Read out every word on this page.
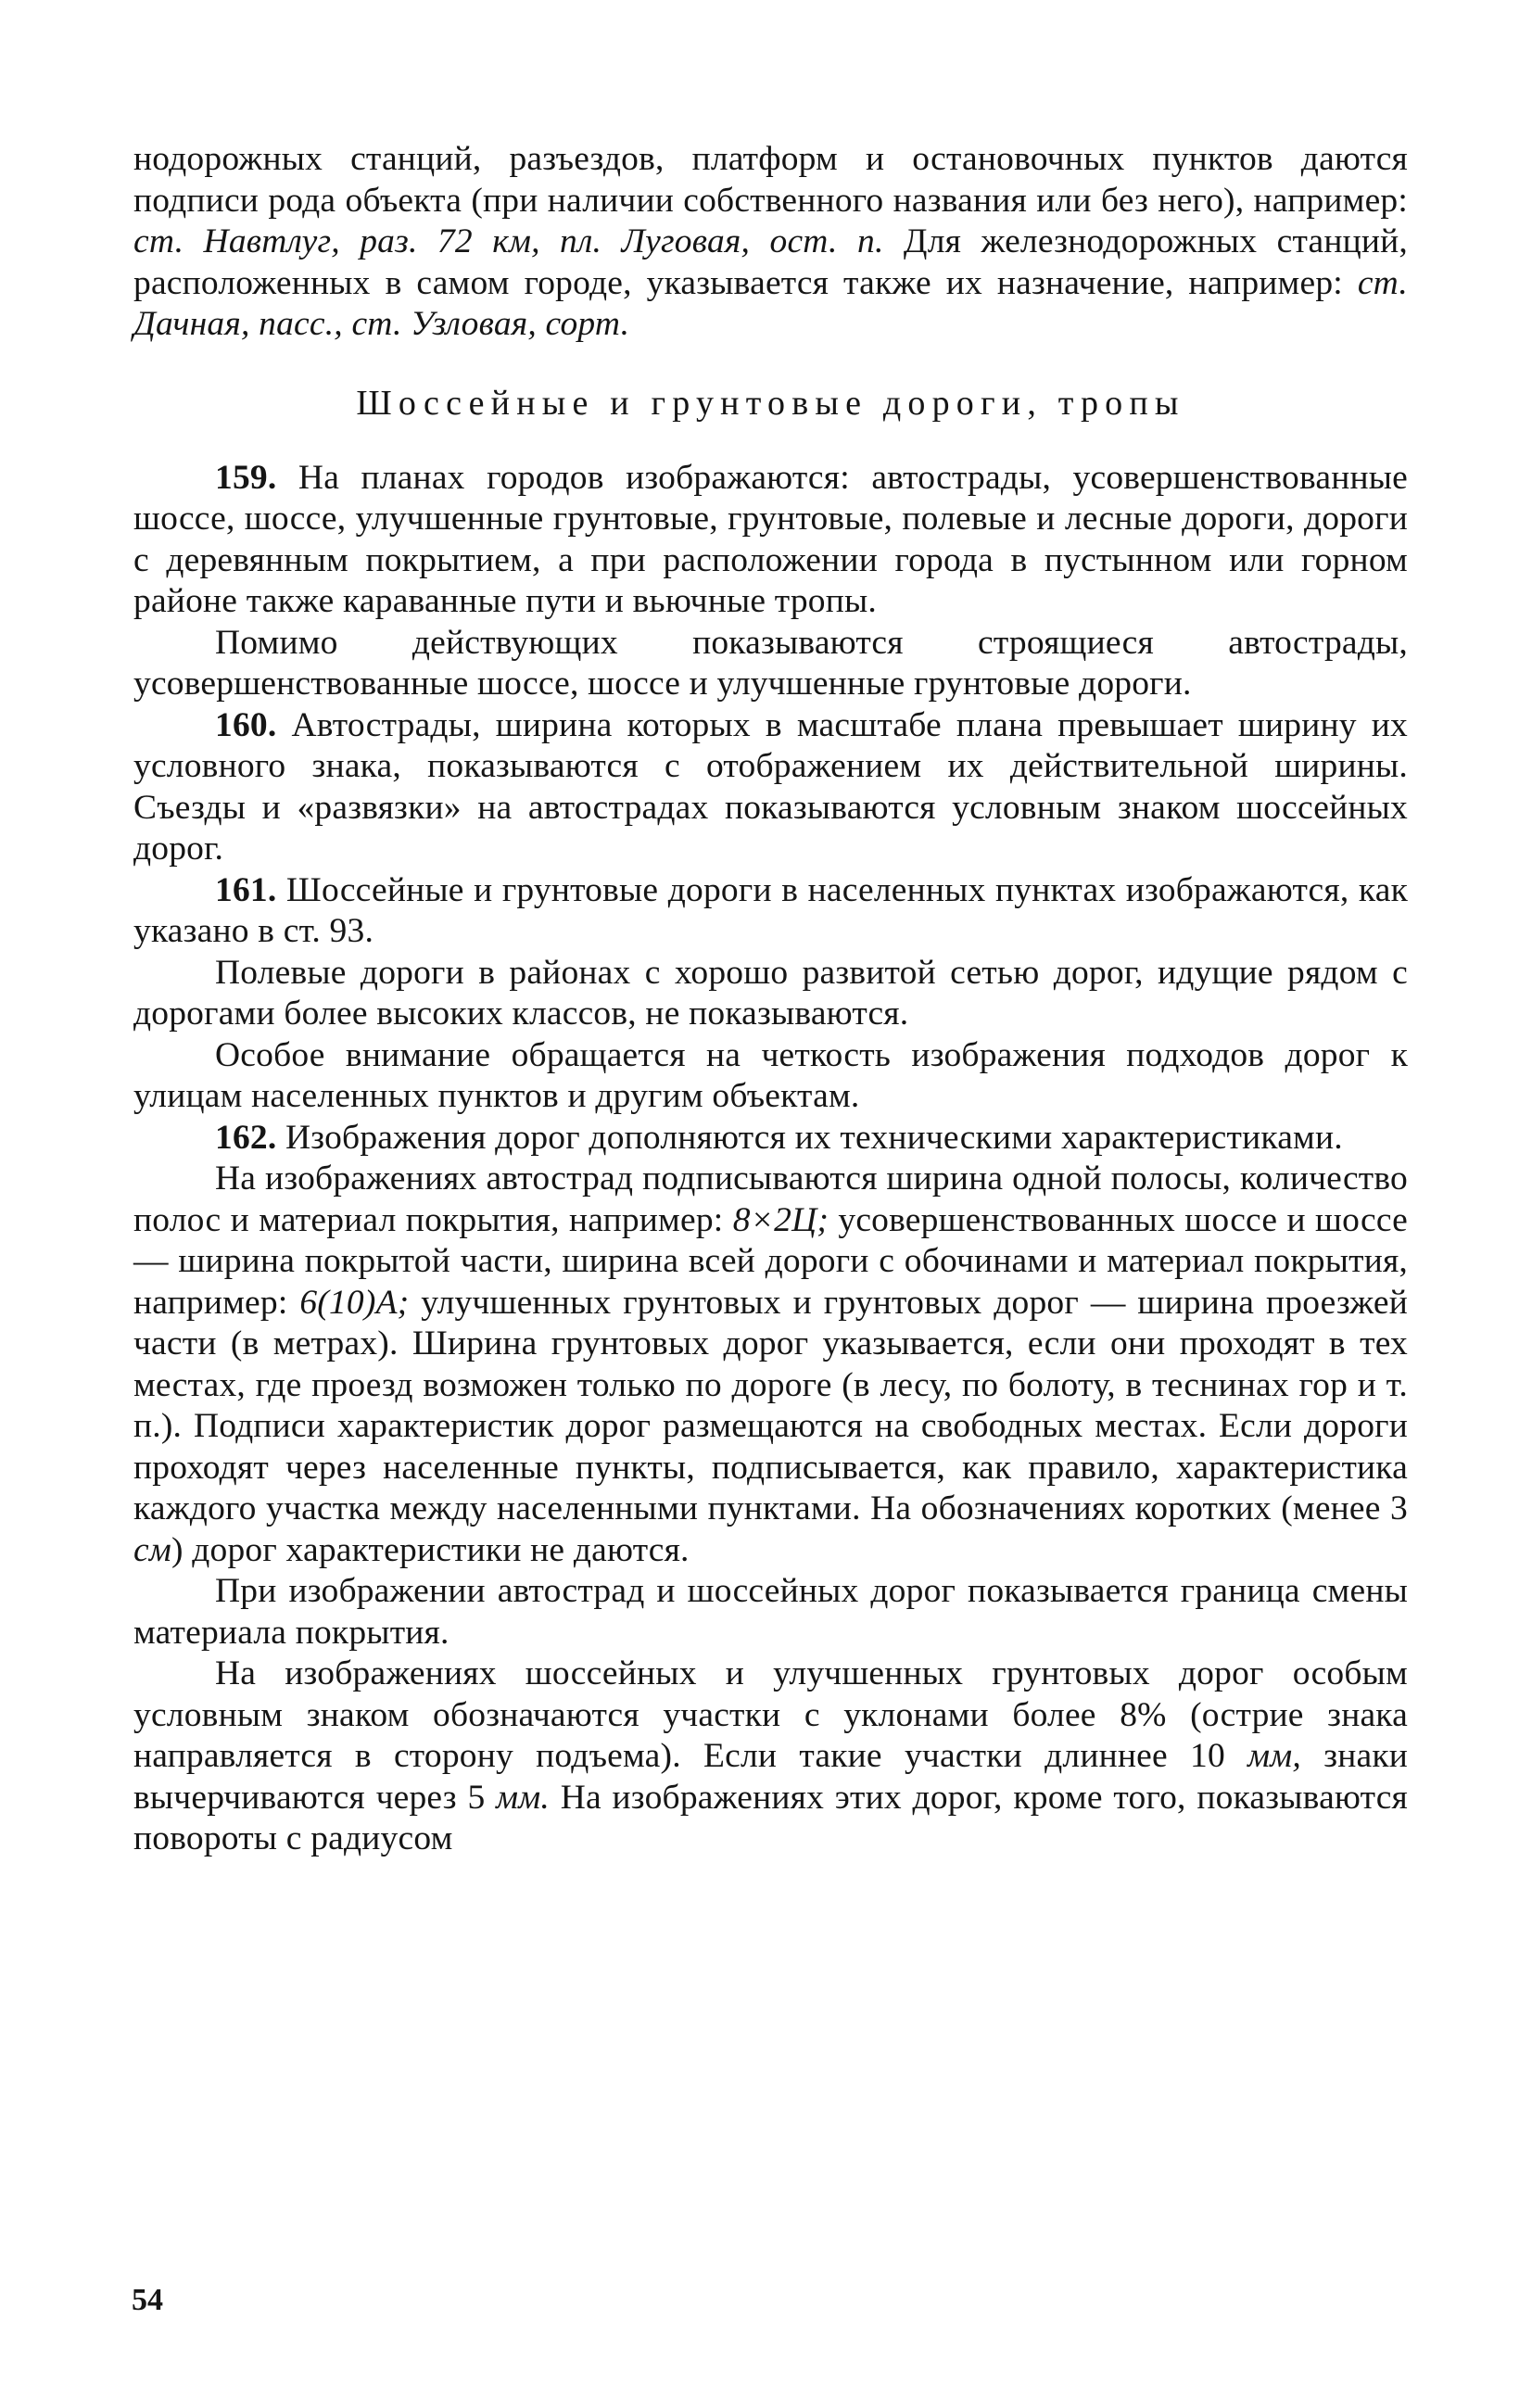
нодорожных станций, разъездов, платформ и остановочных пунктов даются подписи рода объекта (при наличии собственного названия или без него), например: ст. Навтлуг, раз. 72 км, пл. Луговая, ост. п. Для железнодорожных станций, расположенных в самом городе, указывается также их назначение, например: ст. Дачная, пасс., ст. Узловая, сорт.

Шоссейные и грунтовые дороги, тропы

159. На планах городов изображаются: автострады, усовершенствованные шоссе, шоссе, улучшенные грунтовые, грунтовые, полевые и лесные дороги, дороги с деревянным покрытием, а при расположении города в пустынном или горном районе также караванные пути и вьючные тропы.

Помимо действующих показываются строящиеся автострады, усовершенствованные шоссе, шоссе и улучшенные грунтовые дороги.

160. Автострады, ширина которых в масштабе плана превышает ширину их условного знака, показываются с отображением их действительной ширины. Съезды и «развязки» на автострадах показываются условным знаком шоссейных дорог.

161. Шоссейные и грунтовые дороги в населенных пунктах изображаются, как указано в ст. 93.

Полевые дороги в районах с хорошо развитой сетью дорог, идущие рядом с дорогами более высоких классов, не показываются.

Особое внимание обращается на четкость изображения подходов дорог к улицам населенных пунктов и другим объектам.

162. Изображения дорог дополняются их техническими характеристиками.

На изображениях автострад подписываются ширина одной полосы, количество полос и материал покрытия, например: 8×2Ц; усовершенствованных шоссе и шоссе — ширина покрытой части, ширина всей дороги с обочинами и материал покрытия, например: 6(10)А; улучшенных грунтовых и грунтовых дорог — ширина проезжей части (в метрах). Ширина грунтовых дорог указывается, если они проходят в тех местах, где проезд возможен только по дороге (в лесу, по болоту, в теснинах гор и т. п.). Подписи характеристик дорог размещаются на свободных местах. Если дороги проходят через населенные пункты, подписывается, как правило, характеристика каждого участка между населенными пунктами. На обозначениях коротких (менее 3 см) дорог характеристики не даются.

При изображении автострад и шоссейных дорог показывается граница смены материала покрытия.

На изображениях шоссейных и улучшенных грунтовых дорог особым условным знаком обозначаются участки с уклонами более 8% (острие знака направляется в сторону подъема). Если такие участки длиннее 10 мм, знаки вычерчиваются через 5 мм. На изображениях этих дорог, кроме того, показываются повороты с радиусом

54
